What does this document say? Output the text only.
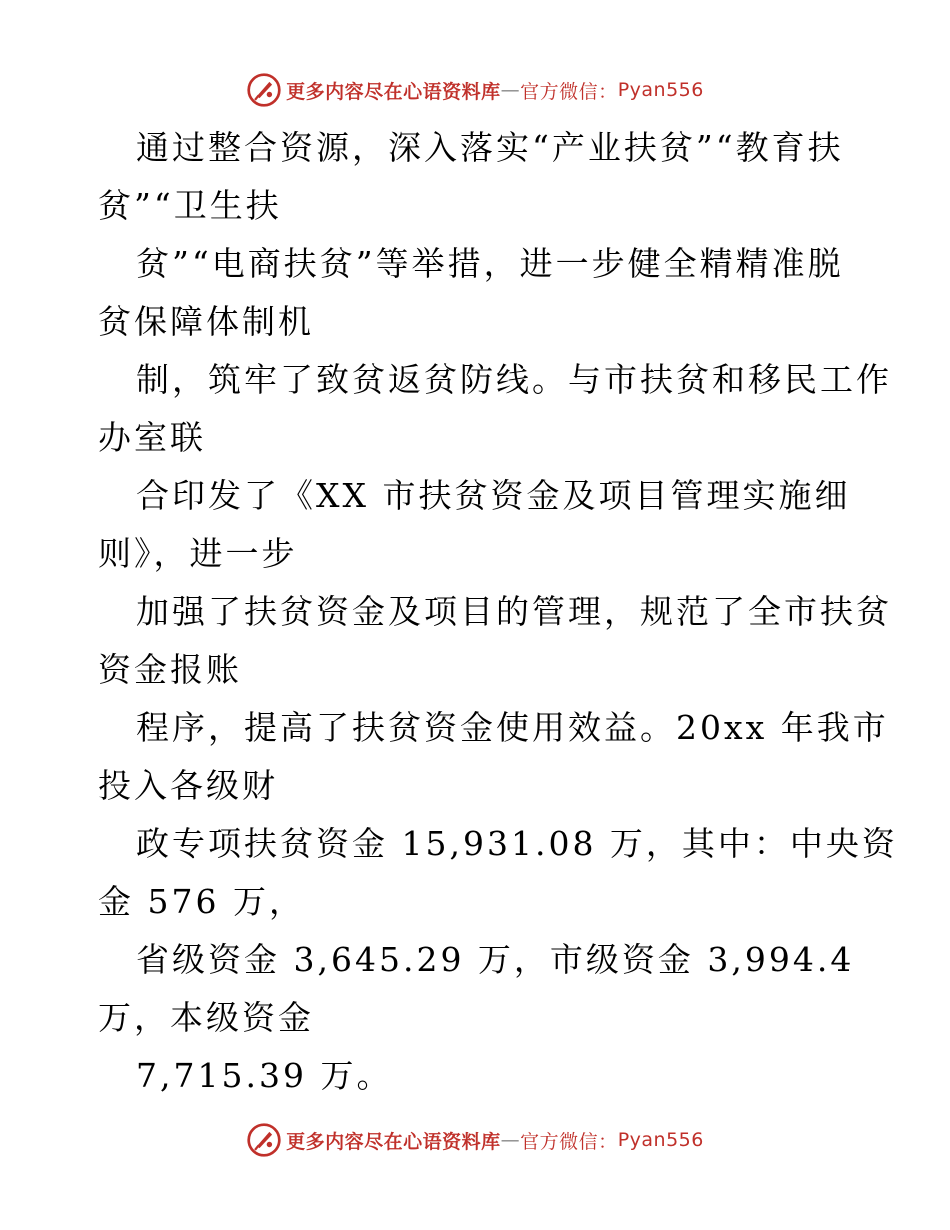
更多内容尽在心语资料库 — 官方微信： Pyan556
通过整合资源，深入落实“产业扶贫”“教育扶
贫”“卫生扶
贫”“电商扶贫”等举措，进一步健全精精准脱
贫保障体制机
制，筑牢了致贫返贫防线。与市扶贫和移民工作
办室联
合印发了《XX 市扶贫资金及项目管理实施细
则》，进一步
加强了扶贫资金及项目的管理，规范了全市扶贫
资金报账
程序，提高了扶贫资金使用效益。20xx 年我市
投入各级财
政专项扶贫资金 15,931.08 万，其中：中央资
金 576 万，
省级资金 3,645.29 万，市级资金 3,994.4
万，本级资金
7,715.39 万。
更多内容尽在心语资料库 — 官方微信： Pyan556
